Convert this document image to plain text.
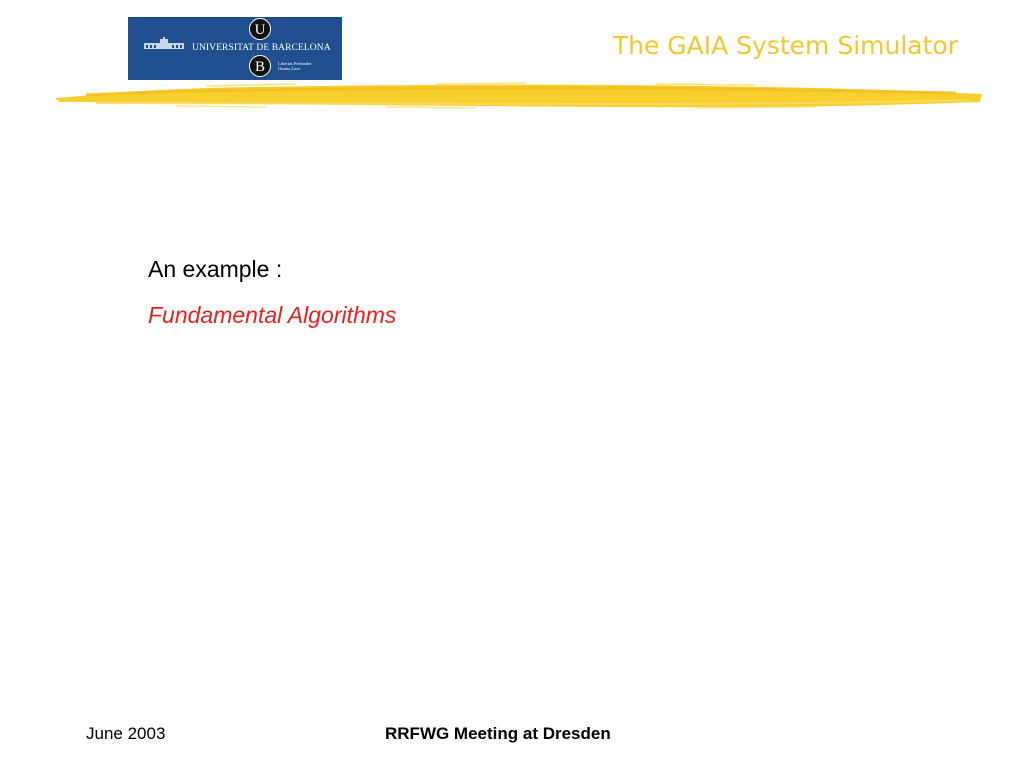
UNIVERSITAT DE BARCELONA
U
B	Libertas Perfundet
Omnia Luce
The GAIA System Simulator
An example :
Fundamental Algorithms
June 2003	RRFWG Meeting at Dresden
